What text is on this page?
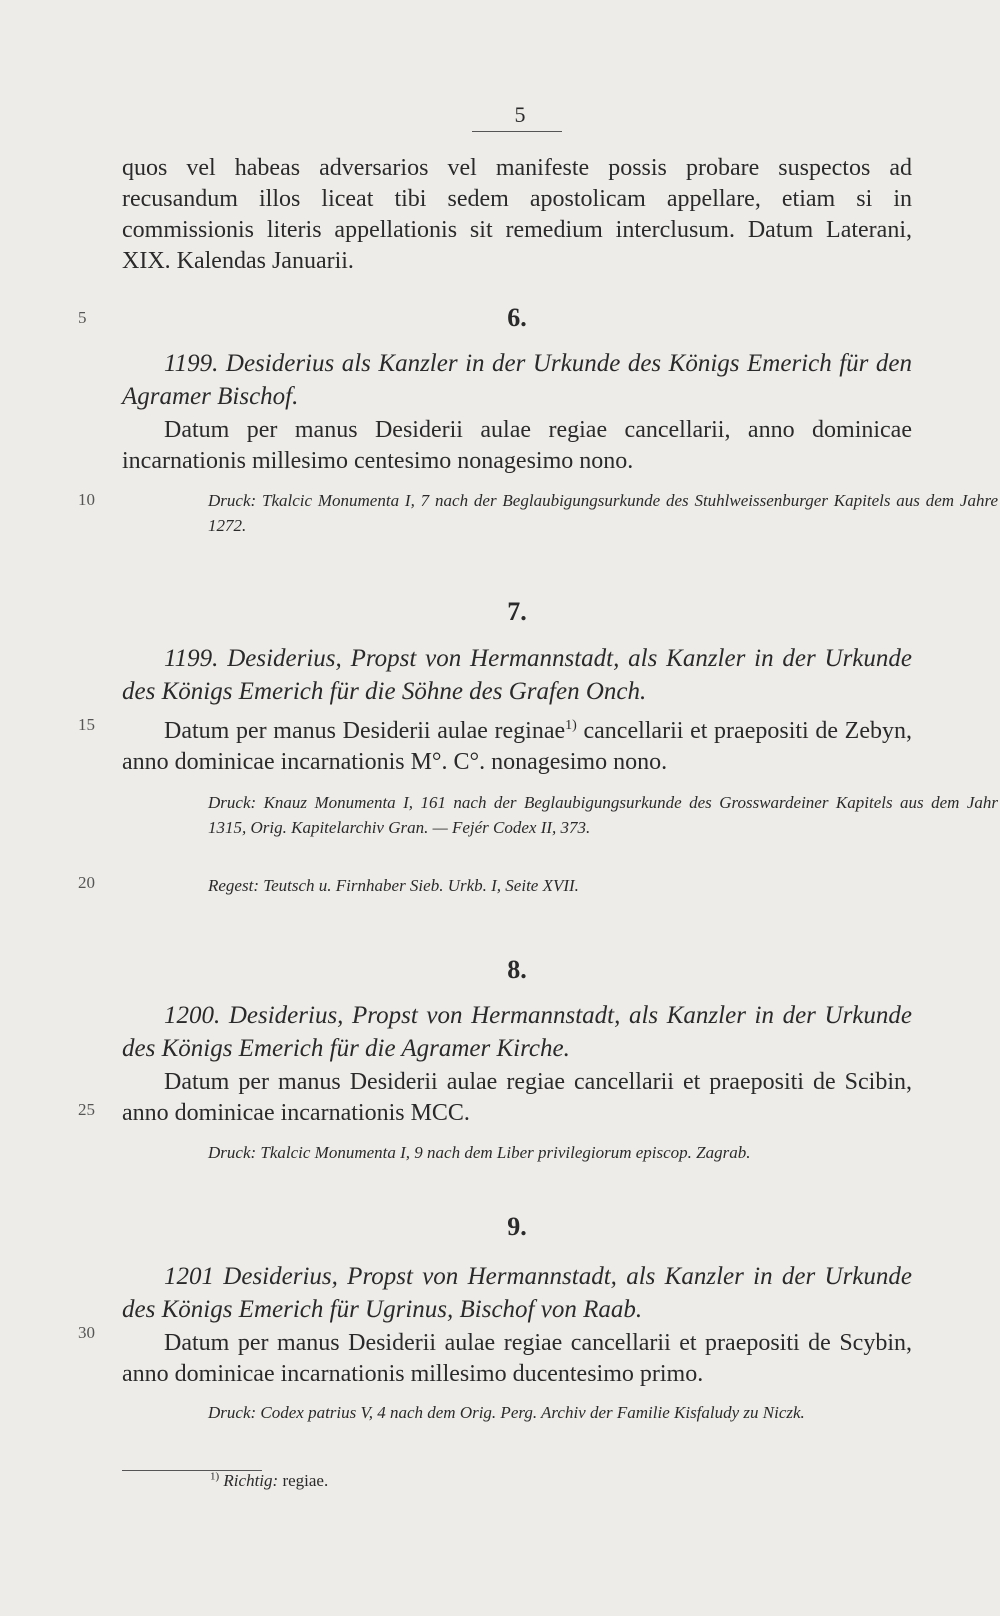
5
5
10
15
20
25
30
quos vel habeas adversarios vel manifeste possis probare suspectos ad recusandum illos liceat tibi sedem apostolicam appellare, etiam si in commissionis literis appellationis sit remedium interclusum. Datum Laterani, XIX. Kalendas Januarii.
6.
1199. Desiderius als Kanzler in der Urkunde des Königs Emerich für den Agramer Bischof.
Datum per manus Desiderii aulae regiae cancellarii, anno dominicae incarnationis millesimo centesimo nonagesimo nono.
Druck: Tkalcic Monumenta I, 7 nach der Beglaubigungsurkunde des Stuhlweissenburger Kapitels aus dem Jahre 1272.
7.
1199. Desiderius, Propst von Hermannstadt, als Kanzler in der Urkunde des Königs Emerich für die Söhne des Grafen Onch.
Datum per manus Desiderii aulae reginae$^{1)}$ cancellarii et praepositi de Zebyn, anno dominicae incarnationis M°. C°. nonagesimo nono.
Druck: Knauz Monumenta I, 161 nach der Beglaubigungsurkunde des Grosswardeiner Kapitels aus dem Jahr 1315, Orig. Kapitelarchiv Gran. — Fejér Codex II, 373.
Regest: Teutsch u. Firnhaber Sieb. Urkb. I, Seite XVII.
8.
1200. Desiderius, Propst von Hermannstadt, als Kanzler in der Urkunde des Königs Emerich für die Agramer Kirche.
Datum per manus Desiderii aulae regiae cancellarii et praepositi de Scibin, anno dominicae incarnationis MCC.
Druck: Tkalcic Monumenta I, 9 nach dem Liber privilegiorum episcop. Zagrab.
9.
1201 Desiderius, Propst von Hermannstadt, als Kanzler in der Urkunde des Königs Emerich für Ugrinus, Bischof von Raab.
Datum per manus Desiderii aulae regiae cancellarii et praepositi de Scybin, anno dominicae incarnationis millesimo ducentesimo primo.
Druck: Codex patrius V, 4 nach dem Orig. Perg. Archiv der Familie Kisfaludy zu Niczk.
$^{1)}$ Richtig: regiae.
